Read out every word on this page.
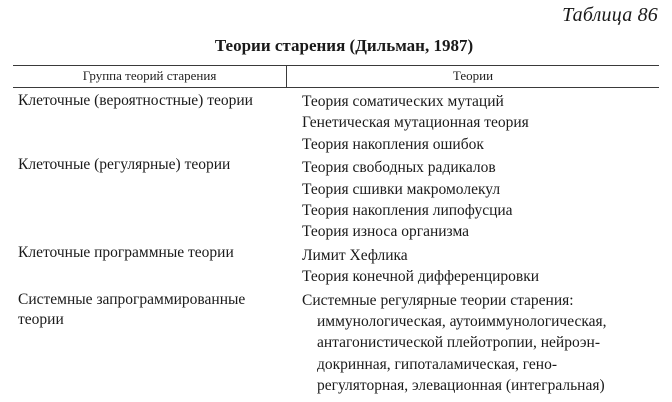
Таблица 86
Теории старения (Дильман, 1987)
Группа теорий старения	Теории
Клеточные (вероятностные) теории
Клеточные (регулярные) теории
Клеточные программные теории
Системные запрограммированные теории
Теория соматических мутаций
Генетическая мутационная теория
Теория накопления ошибок
Теория свободных радикалов
Теория сшивки макромолекул
Теория накопления липофусциа
Теория износа организма
Лимит Хефлика
Теория конечной дифференцировки
Системные регулярные теории старения:
иммунологическая, аутоиммунологическая,
антагонистической плейотропии, нейроэн-
докринная, гипоталамическая, гено-
регуляторная, элевационная (интегральная)
